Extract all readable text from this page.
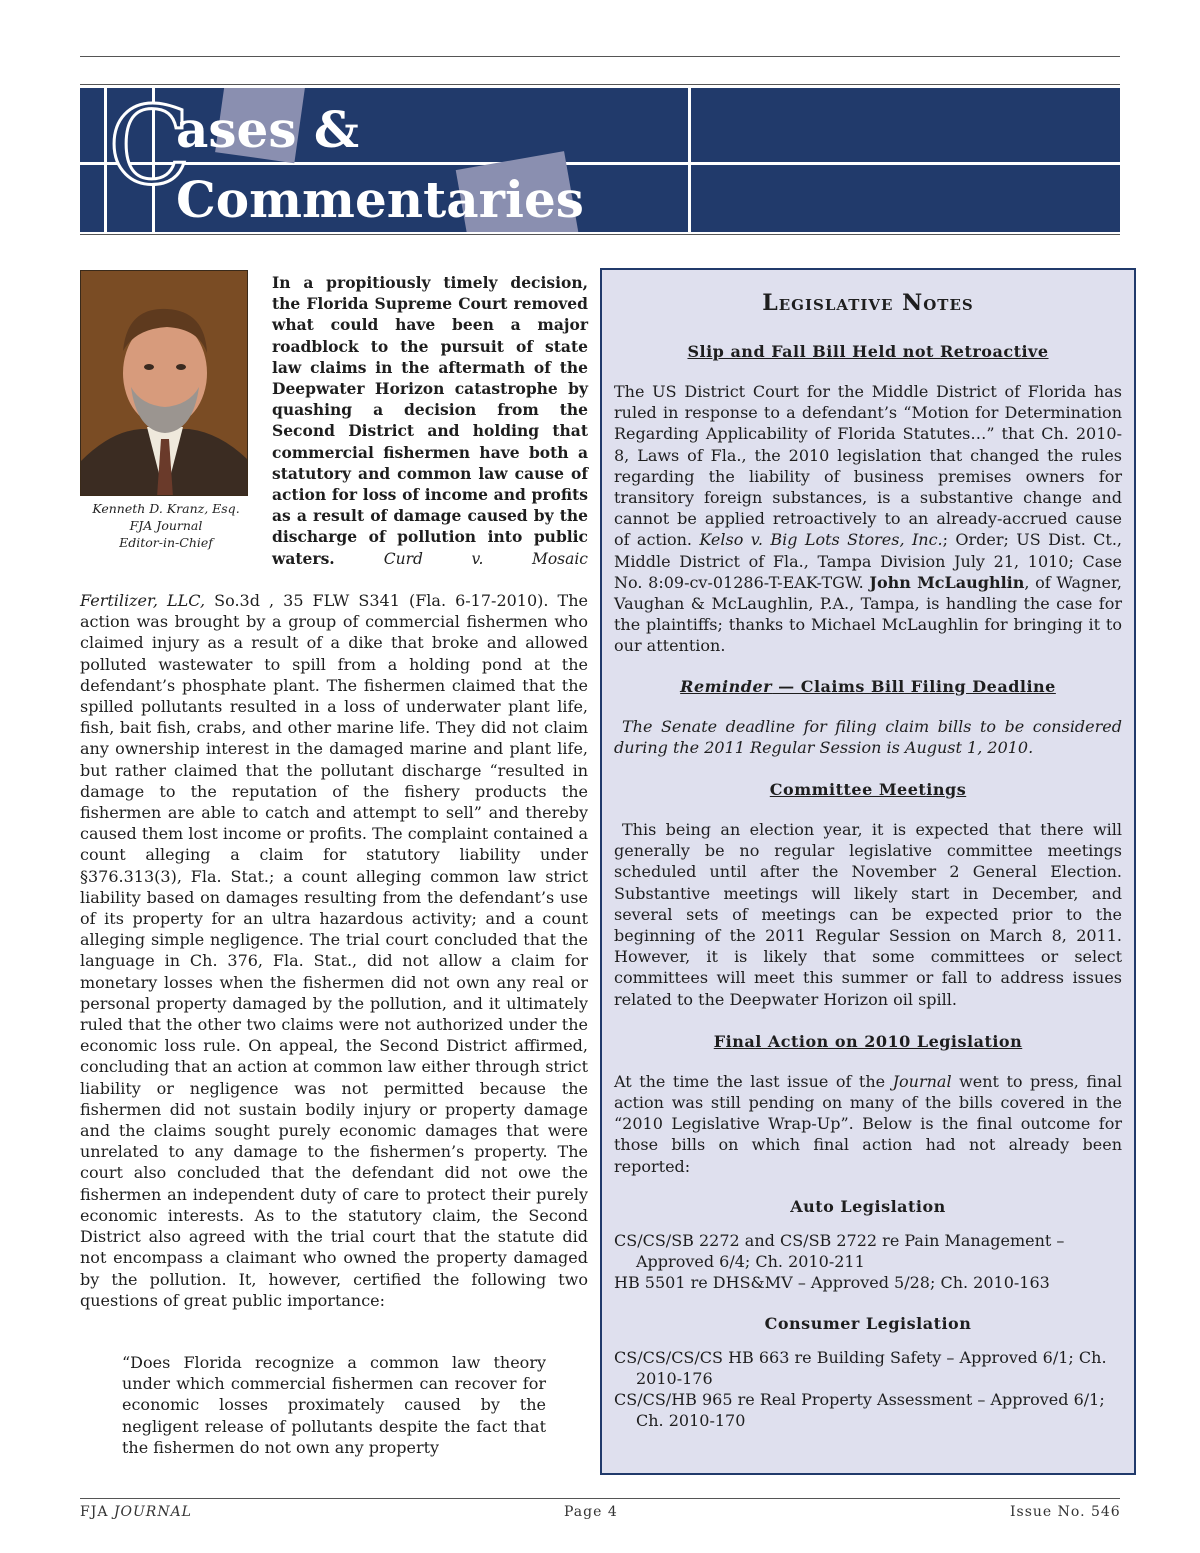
C
ases &
Commentaries
Kenneth D. Kranz, Esq.
FJA Journal
Editor-in-Chief
In a propitiously timely decision, the Florida Supreme Court removed what could have been a major roadblock to the pursuit of state law claims in the aftermath of the Deepwater Horizon catastrophe by quashing a decision from the Second District and holding that commercial fishermen have both a statutory and common law cause of action for loss of income and profits as a result of damage caused by the discharge of pollution into public waters.	Curd v. Mosaic

Fertilizer, LLC, So.3d , 35 FLW S341 (Fla. 6-17-2010). The action was brought by a group of commercial fishermen who claimed injury as a result of a dike that broke and allowed polluted wastewater to spill from a holding pond at the defendant’s phosphate plant. The fishermen claimed that the spilled pollutants resulted in a loss of underwater plant life, fish, bait fish, crabs, and other marine life. They did not claim any ownership interest in the damaged marine and plant life, but rather claimed that the pollutant discharge “resulted in damage to the reputation of the fishery products the fishermen are able to catch and attempt to sell” and thereby caused them lost income or profits. The complaint contained a count alleging a claim for statutory liability under §376.313(3), Fla. Stat.; a count alleging common law strict liability based on damages resulting from the defendant’s use of its property for an ultra hazardous activity; and a count alleging simple negligence. The trial court concluded that the language in Ch. 376, Fla. Stat., did not allow a claim for monetary losses when the fishermen did not own any real or personal property damaged by the pollution, and it ultimately ruled that the other two claims were not authorized under the economic loss rule. On appeal, the Second District affirmed, concluding that an action at common law either through strict liability or negligence was not permitted because the fishermen did not sustain bodily injury or property damage and the claims sought purely economic damages that were unrelated to any damage to the fishermen’s property. The court also concluded that the defendant did not owe the fishermen an independent duty of care to protect their purely economic interests. As to the statutory claim, the Second District also agreed with the trial court that the statute did not encompass a claimant who owned the property damaged by the pollution. It, however, certified the following two questions of great public importance:

“Does Florida recognize a common law theory under which commercial fishermen can recover for economic losses proximately caused by the negligent release of pollutants despite the fact that the fishermen do not own any property
Legislative Notes

Slip and Fall Bill Held not Retroactive

The US District Court for the Middle District of Florida has ruled in response to a defendant’s “Motion for Determination Regarding Applicability of Florida Statutes…” that Ch. 2010-8, Laws of Fla., the 2010 legislation that changed the rules regarding the liability of business premises owners for transitory foreign substances, is a substantive change and cannot be applied retroactively to an already-accrued cause of action. Kelso v. Big Lots Stores, Inc.; Order; US Dist. Ct., Middle District of Fla., Tampa Division July 21, 1010; Case No. 8:09-cv-01286-T-EAK-TGW. John McLaughlin, of Wagner, Vaughan & McLaughlin, P.A., Tampa, is handling the case for the plaintiffs; thanks to Michael McLaughlin for bringing it to our attention.

Reminder — Claims Bill Filing Deadline

The Senate deadline for filing claim bills to be considered during the 2011 Regular Session is August 1, 2010.

Committee Meetings

This being an election year, it is expected that there will generally be no regular legislative committee meetings scheduled until after the November 2 General Election. Substantive meetings will likely start in December, and several sets of meetings can be expected prior to the beginning of the 2011 Regular Session on March 8, 2011. However, it is likely that some committees or select committees will meet this summer or fall to address issues related to the Deepwater Horizon oil spill.

Final Action on 2010 Legislation

At the time the last issue of the Journal went to press, final action was still pending on many of the bills covered in the “2010 Legislative Wrap-Up”. Below is the final outcome for those bills on which final action had not already been reported:

Auto Legislation

CS/CS/SB 2272 and CS/SB 2722 re Pain Management – Approved 6/4; Ch. 2010-211

HB 5501 re DHS&MV – Approved 5/28; Ch. 2010-163

Consumer Legislation

CS/CS/CS/CS HB 663 re Building Safety – Approved 6/1; Ch. 2010-176

CS/CS/HB 965 re Real Property Assessment – Approved 6/1; Ch. 2010-170

FJA JOURNAL	Page 4	Issue No. 546
